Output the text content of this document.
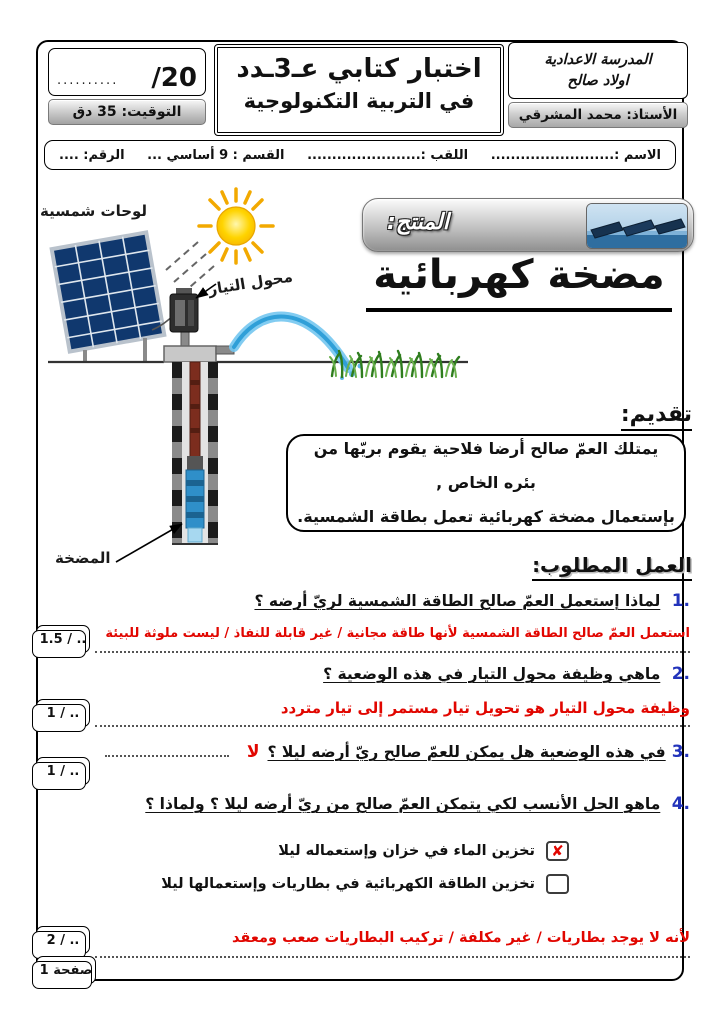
المدرسة الاعدادية
اولاد صالح
الأستاذ: محمد المشرقي
اختبار كتابي عـ3ـدد
في التربية التكنولوجية
..........	/20
التوقيت: 35 دق
الاسم :.........................
اللقب :.......................
القسم : 9 أساسي ...
الرقم: ....
لوحات شمسية
محول التيار
المضخة
المنتج:
مضخة كهربائية
تقديم:
يمتلك العمّ صالح أرضا فلاحية يقوم بريّها من بئره الخاص ,
بإستعمال مضخة كهربائية تعمل بطاقة الشمسية.
العمل المطلوب:
1. لماذا إستعمل العمّ صالح الطاقة الشمسية لريّ أرضه ؟
استعمل العمّ صالح الطاقة الشمسية لأنها طاقة مجانية / غير قابلة للنفاذ / ليست ملوثة للبيئة
1.5 / ..
2. ماهي وظيفة محول التيار في هذه الوضعية ؟
وظيفة محول التيار هو تحويل تيار مستمر إلى تيار متردد
1 / ..
3.
في هذه الوضعية هل يمكن للعمّ صالح ريّ أرضه ليلا ؟
لا
1 / ..
4. ماهو الحل الأنسب لكي يتمكن العمّ صالح من ريّ أرضه ليلا ؟ ولماذا ؟
✘
تخزين الماء في خزان وإستعماله ليلا
تخزين الطاقة الكهربائية في بطاريات وإستعمالها ليلا
لأنه لا يوجد بطاريات / غير مكلفة / تركيب البطاريات صعب ومعقد
2 / ..
صفحة 1
